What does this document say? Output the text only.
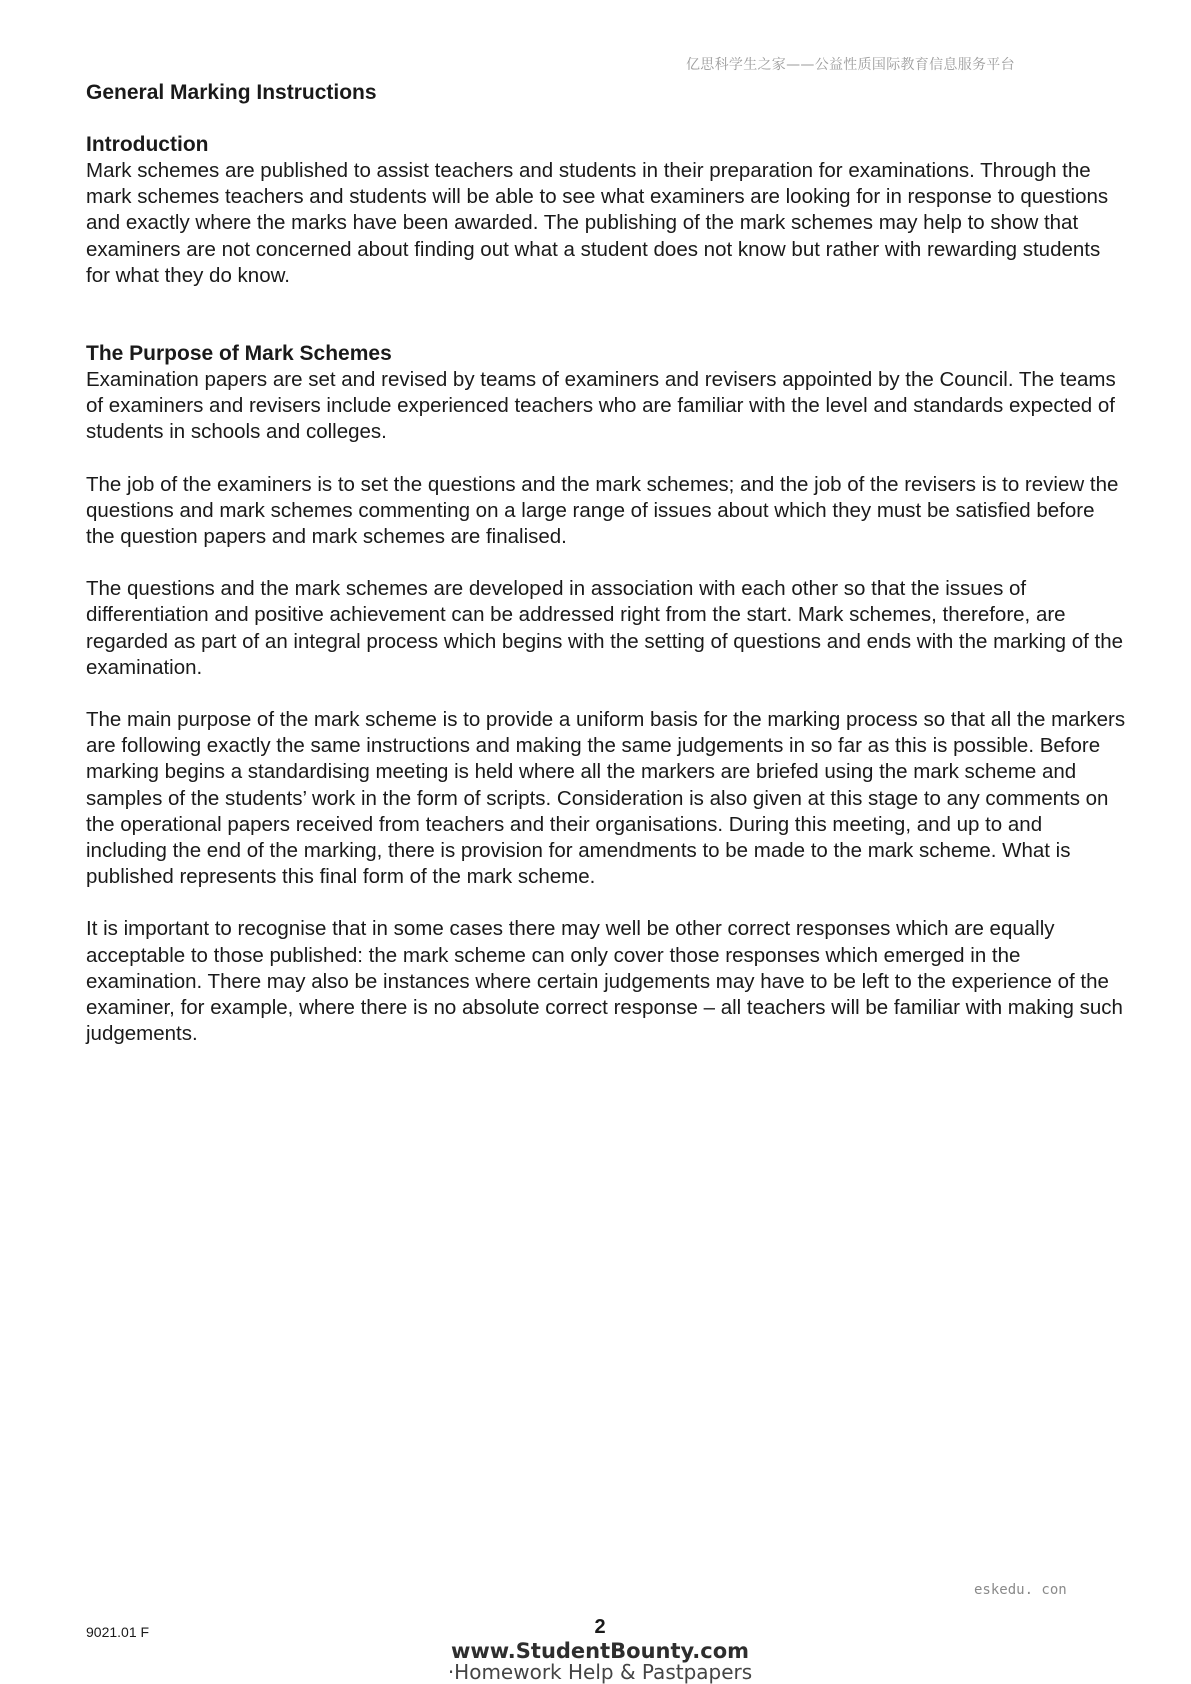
亿思科学生之家——公益性质国际教育信息服务平台
General Marking Instructions
Introduction

Mark schemes are published to assist teachers and students in their preparation for examinations. Through the mark schemes teachers and students will be able to see what examiners are looking for in response to questions and exactly where the marks have been awarded. The publishing of the mark schemes may help to show that examiners are not concerned about finding out what a student does not know but rather with rewarding students for what they do know.

The Purpose of Mark Schemes

Examination papers are set and revised by teams of examiners and revisers appointed by the Council. The teams of examiners and revisers include experienced teachers who are familiar with the level and standards expected of students in schools and colleges.

The job of the examiners is to set the questions and the mark schemes; and the job of the revisers is to review the questions and mark schemes commenting on a large range of issues about which they must be satisfied before the question papers and mark schemes are finalised.

The questions and the mark schemes are developed in association with each other so that the issues of differentiation and positive achievement can be addressed right from the start. Mark schemes, therefore, are regarded as part of an integral process which begins with the setting of questions and ends with the marking of the examination.

The main purpose of the mark scheme is to provide a uniform basis for the marking process so that all the markers are following exactly the same instructions and making the same judgements in so far as this is possible. Before marking begins a standardising meeting is held where all the markers are briefed using the mark scheme and samples of the students’ work in the form of scripts. Consideration is also given at this stage to any comments on the operational papers received from teachers and their organisations. During this meeting, and up to and including the end of the marking, there is provision for amendments to be made to the mark scheme. What is published represents this final form of the mark scheme.

It is important to recognise that in some cases there may well be other correct responses which are equally acceptable to those published: the mark scheme can only cover those responses which emerged in the examination. There may also be instances where certain judgements may have to be left to the experience of the examiner, for example, where there is no absolute correct response – all teachers will be familiar with making such judgements.

eskedu. con
9021.01 F	2
www.StudentBounty.com
·Homework Help & Pastpapers
